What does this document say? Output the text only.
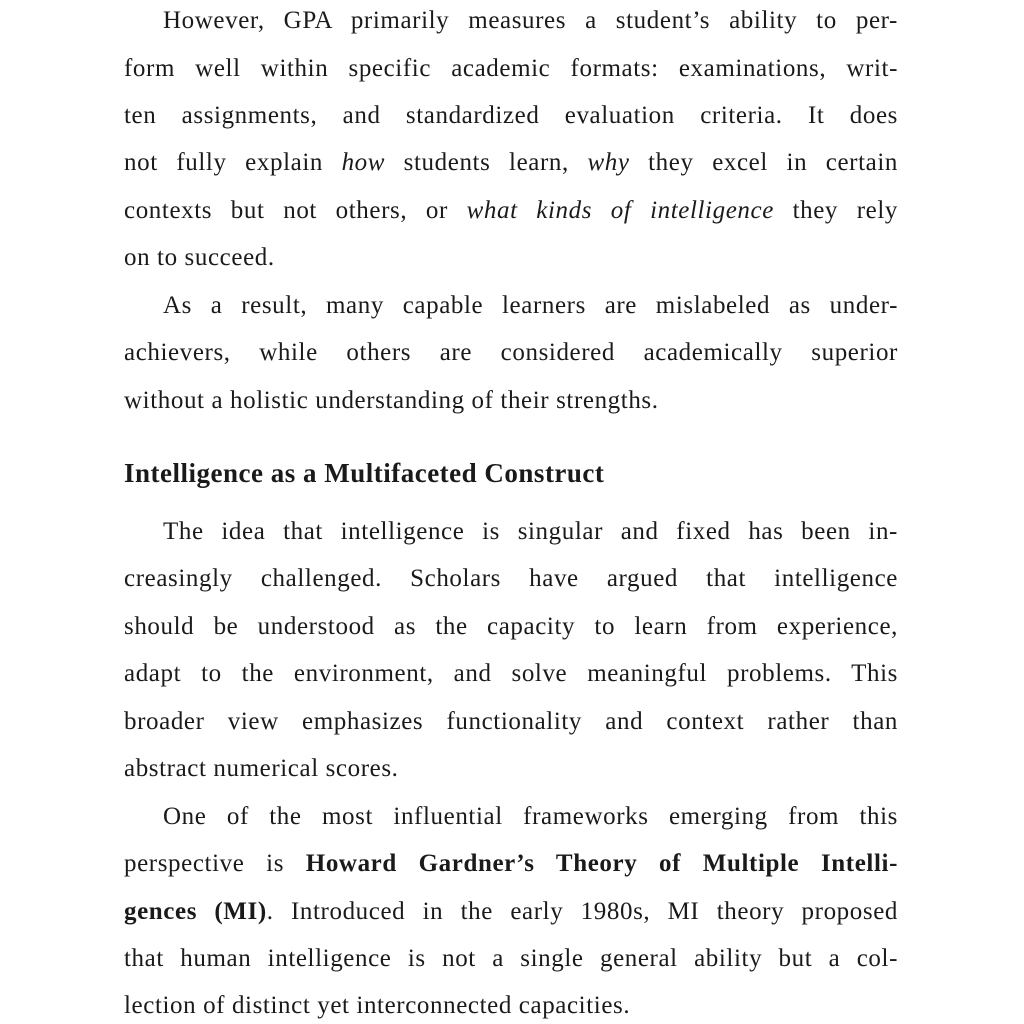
However, GPA primarily measures a student’s ability to per-
form well within specific academic formats: examinations, writ-
ten assignments, and standardized evaluation criteria. It does
not fully explain how students learn, why they excel in certain
contexts but not others, or what kinds of intelligence they rely
on to succeed.
As a result, many capable learners are mislabeled as under-
achievers, while others are considered academically superior
without a holistic understanding of their strengths.
Intelligence as a Multifaceted Construct
The idea that intelligence is singular and fixed has been in-
creasingly challenged. Scholars have argued that intelligence
should be understood as the capacity to learn from experience,
adapt to the environment, and solve meaningful problems. This
broader view emphasizes functionality and context rather than
abstract numerical scores.
One of the most influential frameworks emerging from this
perspective is Howard Gardner’s Theory of Multiple Intelli-
gences (MI). Introduced in the early 1980s, MI theory proposed
that human intelligence is not a single general ability but a col-
lection of distinct yet interconnected capacities.
